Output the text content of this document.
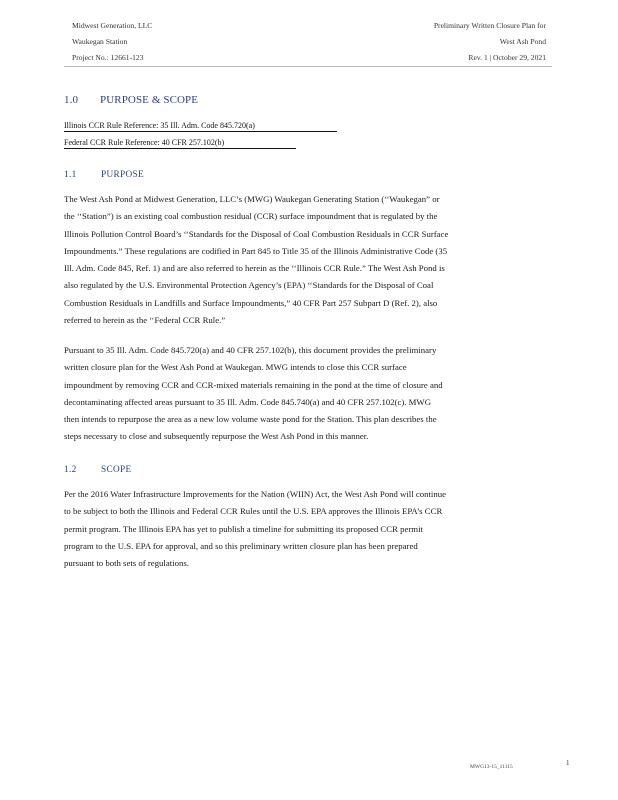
Midwest Generation, LLC
Waukegan Station
Project No.: 12661-123
Preliminary Written Closure Plan for
West Ash Pond
Rev. 1 | October 29, 2021
1.0 PURPOSE & SCOPE
Illinois CCR Rule Reference: 35 Ill. Adm. Code 845.720(a)
Federal CCR Rule Reference: 40 CFR 257.102(b)
1.1	PURPOSE
The West Ash Pond at Midwest Generation, LLC’s (MWG) Waukegan Generating Station (‘‘Waukegan” or
the ‘‘Station”) is an existing coal combustion residual (CCR) surface impoundment that is regulated by the
Illinois Pollution Control Board’s ‘‘Standards for the Disposal of Coal Combustion Residuals in CCR Surface
Impoundments.” These regulations are codified in Part 845 to Title 35 of the Illinois Administrative Code (35
Ill. Adm. Code 845, Ref. 1) and are also referred to herein as the ‘‘Illinois CCR Rule.” The West Ash Pond is
also regulated by the U.S. Environmental Protection Agency’s (EPA) ‘‘Standards for the Disposal of Coal
Combustion Residuals in Landfills and Surface Impoundments,” 40 CFR Part 257 Subpart D (Ref. 2), also
referred to herein as the ‘‘Federal CCR Rule.”
Pursuant to 35 Ill. Adm. Code 845.720(a) and 40 CFR 257.102(b), this document provides the preliminary
written closure plan for the West Ash Pond at Waukegan. MWG intends to close this CCR surface
impoundment by removing CCR and CCR-mixed materials remaining in the pond at the time of closure and
decontaminating affected areas pursuant to 35 Ill. Adm. Code 845.740(a) and 40 CFR 257.102(c). MWG
then intends to repurpose the area as a new low volume waste pond for the Station. This plan describes the
steps necessary to close and subsequently repurpose the West Ash Pond in this manner.
1.2	SCOPE
Per the 2016 Water Infrastructure Improvements for the Nation (WIIN) Act, the West Ash Pond will continue
to be subject to both the Illinois and Federal CCR Rules until the U.S. EPA approves the Illinois EPA’s CCR
permit program. The Illinois EPA has yet to publish a timeline for submitting its proposed CCR permit
program to the U.S. EPA for approval, and so this preliminary written closure plan has been prepared
pursuant to both sets of regulations.
MWG13-15_11115	1
